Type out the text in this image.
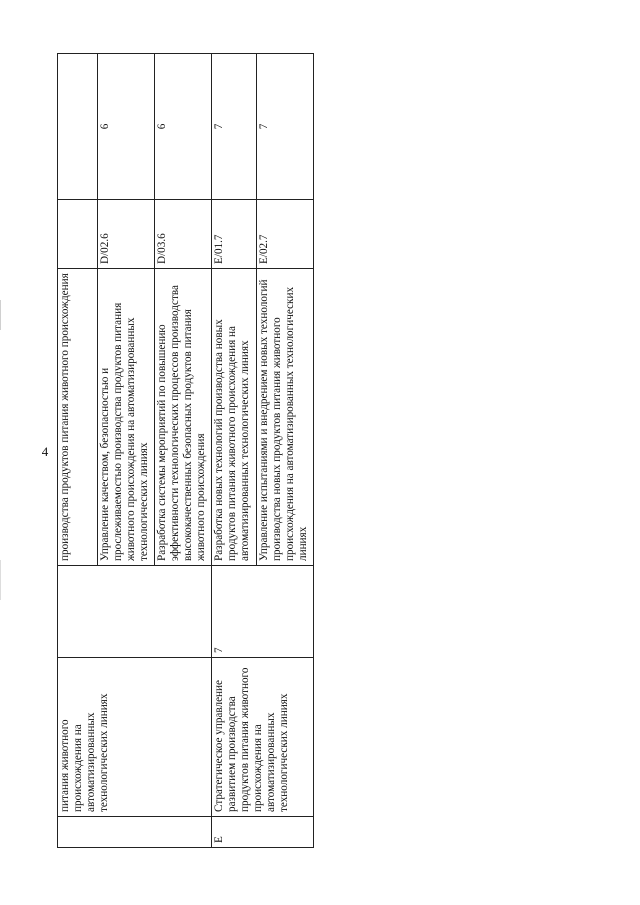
4

	питания животного происхождения на автоматизированных технологических линиях		производства продуктов питания животного происхождения		

			Управление качеством, безопасностью и прослеживаемостью производства продуктов питания животного происхождения на автоматизированных технологических линиях	D/02.6	6

			Разработка системы мероприятий по повышению эффективности технологических процессов производства высококачественных безопасных продуктов питания животного происхождения	D/03.6	6
E	Стратегическое управление развитием производства продуктов питания животного происхождения на автоматизированных технологических линиях	7	Разработка новых технологий производства новых продуктов питания животного происхождения на автоматизированных технологических линиях	E/01.7	7

			Управление испытаниями и внедрением новых технологий производства новых продуктов питания животного происхождения на автоматизированных технологических линиях	E/02.7	7
